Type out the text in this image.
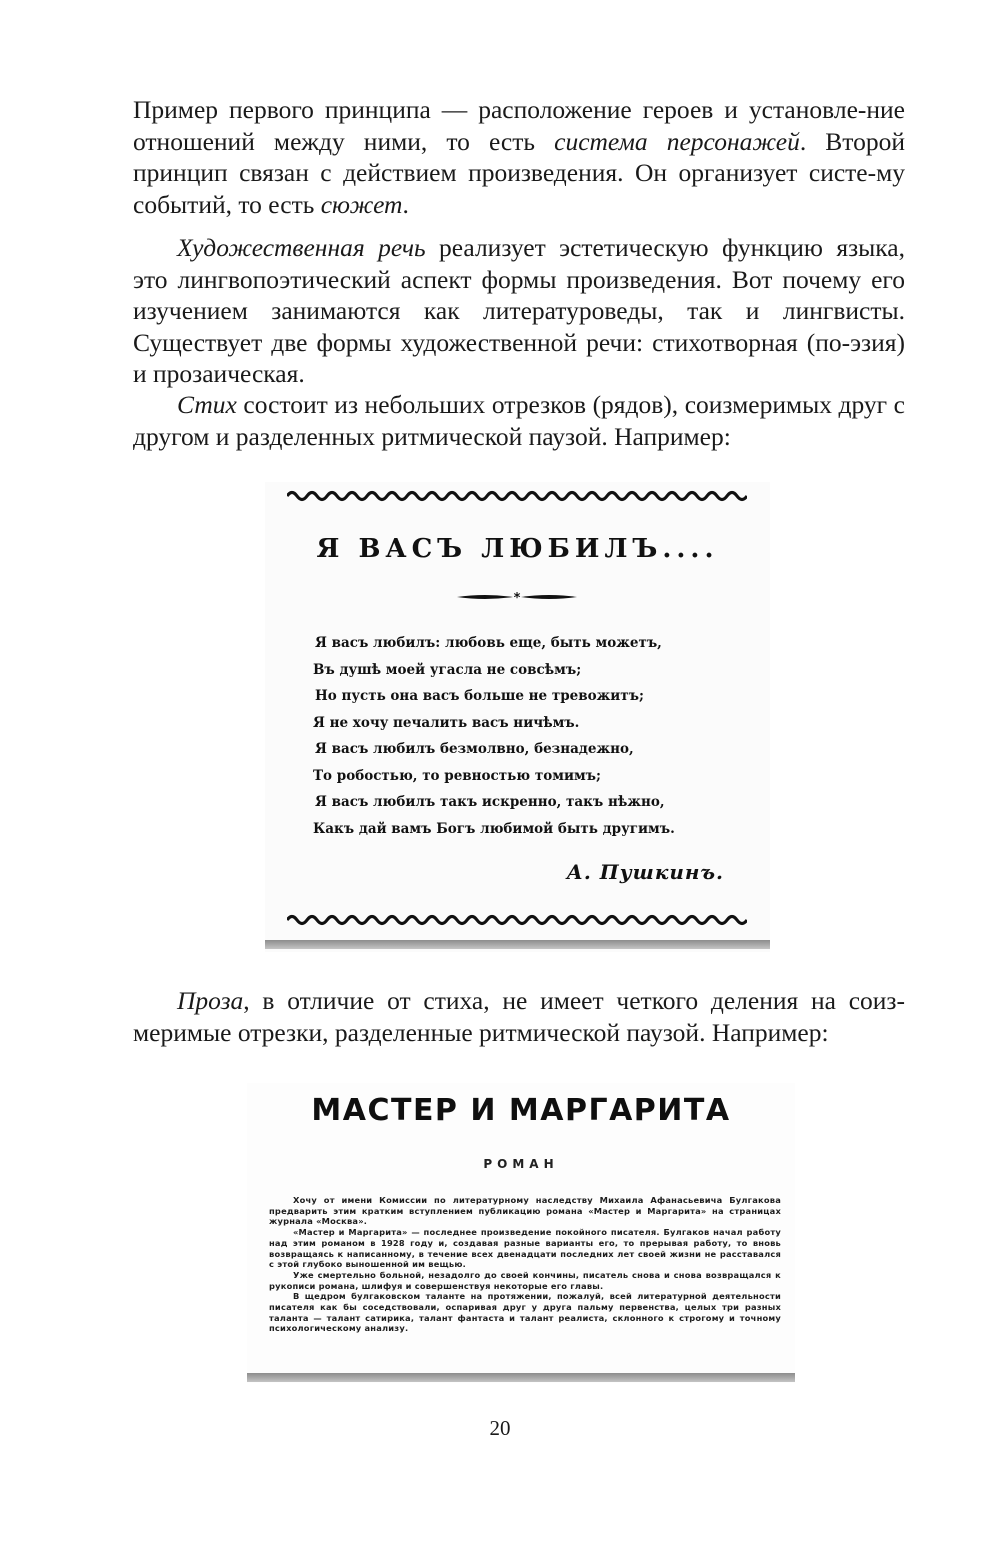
Пример первого принципа — расположение героев и установле-ние отношений между ними, то есть система персонажей. Второй принцип связан с действием произведения. Он организует систе-му событий, то есть сюжет.

Художественная речь реализует эстетическую функцию языка, это лингвопоэтический аспект формы произведения. Вот почему его изучением занимаются как литературоведы, так и лингвисты. Существует две формы художественной речи: стихотворная (по-эзия) и прозаическая.

Стих состоит из небольших отрезков (рядов), соизмеримых друг с другом и разделенных ритмической паузой. Например:

Я ВАСЪ ЛЮБИЛЪ....
*
Я васъ любилъ: любовь еще, быть можетъ,
Въ душѣ моей угасла не совсѣмъ;
Но пусть она васъ больше не тревожитъ;
Я не хочу печалить васъ ничѣмъ.
Я васъ любилъ безмолвно, безнадежно,
То робостью, то ревностью томимъ;
Я васъ любилъ такъ искренно, такъ нѣжно,
Какъ дай вамъ Богъ любимой быть другимъ.
А. Пушкинъ.

Проза, в отличие от стиха, не имеет четкого деления на соиз-меримые отрезки, разделенные ритмической паузой. Например:

МАСТЕР И МАРГАРИТА
РОМАН

Хочу от имени Комиссии по литературному наследству Михаила Афанасьевича Булгакова предварить этим кратким вступлением публикацию романа «Мастер и Маргарита» на страницах журнала «Москва».

«Мастер и Маргарита» — последнее произведение покойного писателя. Булгаков начал работу над этим романом в 1928 году и, создавая разные варианты его, то прерывая работу, то вновь возвращаясь к написанному, в течение всех двенадцати последних лет своей жизни не расставался с этой глубоко выношенной им вещью.

Уже смертельно больной, незадолго до своей кончины, писатель снова и снова возвращался к рукописи романа, шлифуя и совершенствуя некоторые его главы.

В щедром булгаковском таланте на протяжении, пожалуй, всей литературной деятельности писателя как бы соседствовали, оспаривая друг у друга пальму первенства, целых три разных таланта — талант сатирика, талант фантаста и талант реалиста, склонного к строгому и точному психологическому анализу.

20
